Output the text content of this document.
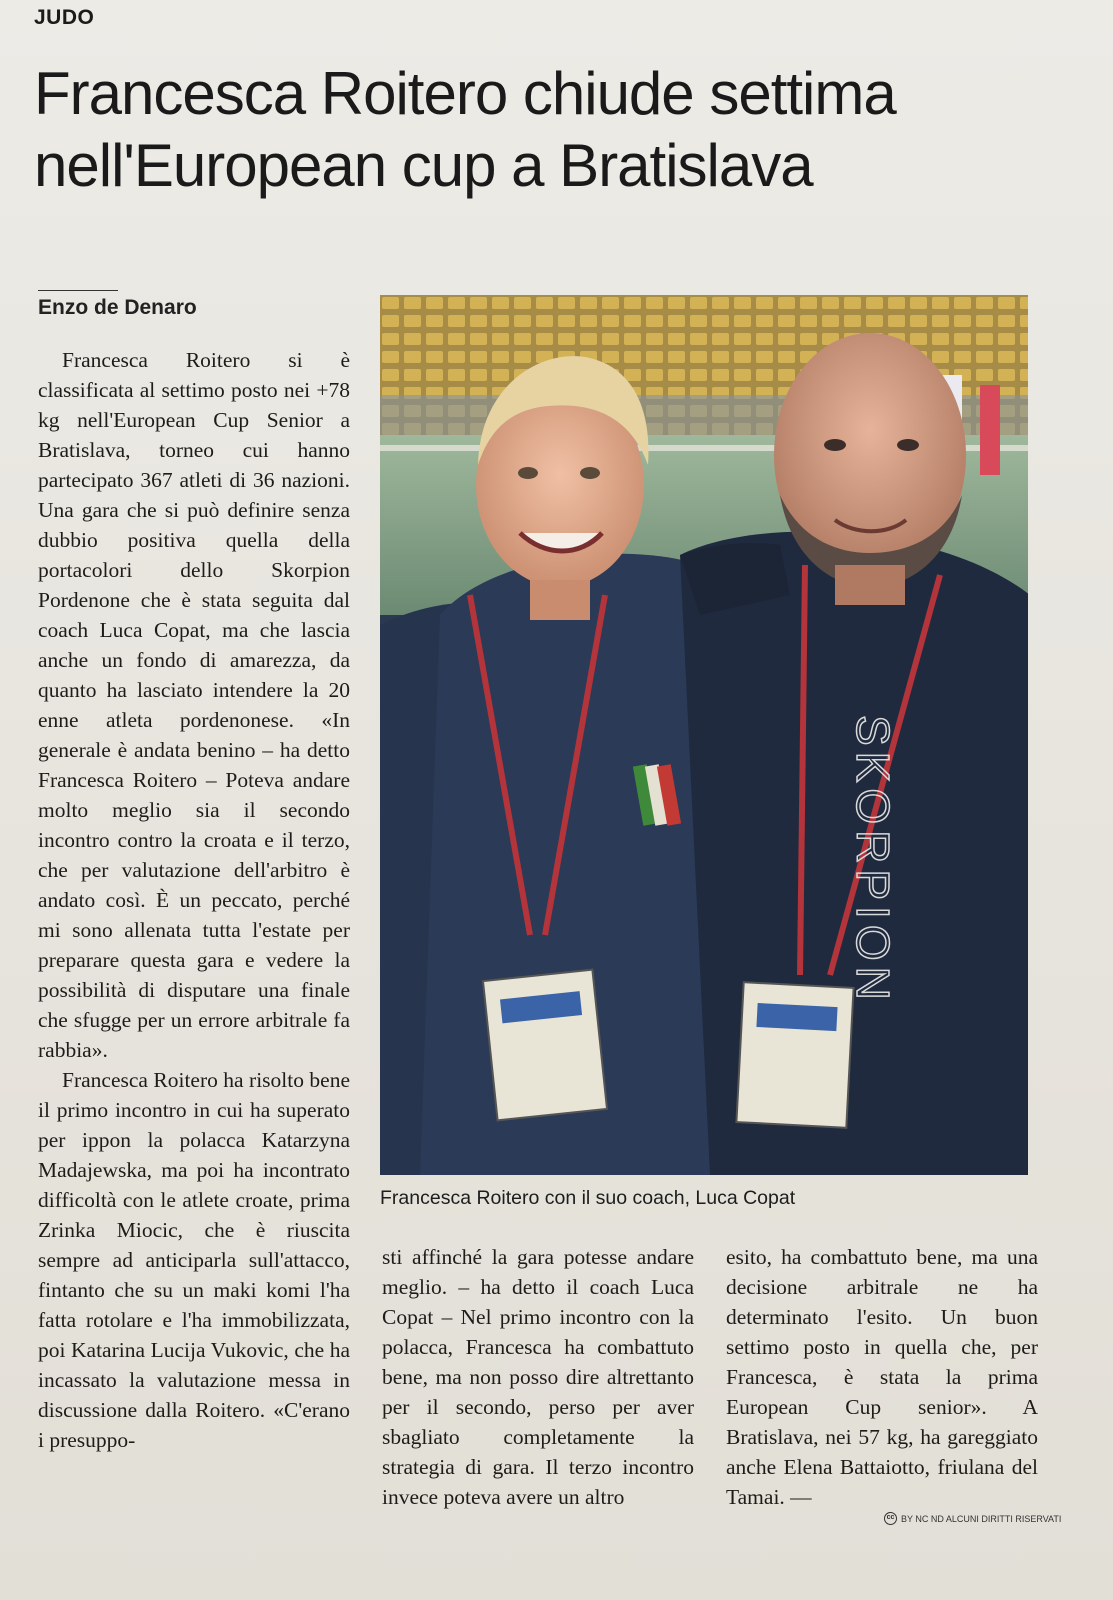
JUDO
Francesca Roitero chiude settima
nell'European cup a Bratislava
Enzo de Denaro

Francesca Roitero si è classificata al settimo posto nei +78 kg nell'European Cup Senior a Bratislava, torneo cui hanno partecipato 367 atleti di 36 nazioni. Una gara che si può definire senza dubbio positiva quella della portacolori dello Skorpion Pordenone che è stata seguita dal coach Luca Copat, ma che lascia anche un fondo di amarezza, da quanto ha lasciato intendere la 20 enne atleta pordenonese. «In generale è andata benino – ha detto Francesca Roitero – Poteva andare molto meglio sia il secondo incontro contro la croata e il terzo, che per valutazione dell'arbitro è andato così. È un peccato, perché mi sono allenata tutta l'estate per preparare questa gara e vedere la possibilità di disputare una finale che sfugge per un errore arbitrale fa rabbia».

Francesca Roitero ha risolto bene il primo incontro in cui ha superato per ippon la polacca Katarzyna Madajewska, ma poi ha incontrato difficoltà con le atlete croate, prima Zrinka Miocic, che è riuscita sempre ad anticiparla sull'attacco, fintanto che su un maki komi l'ha fatta rotolare e l'ha immobilizzata, poi Katarina Lucija Vukovic, che ha incassato la valutazione messa in discussione dalla Roitero. «C'erano i presuppo-

SKORPION
Francesca Roitero con il suo coach, Luca Copat

sti affinché la gara potesse andare meglio. – ha detto il coach Luca Copat – Nel primo incontro con la polacca, Francesca ha combattuto bene, ma non posso dire altrettanto per il secondo, perso per aver sbagliato completamente la strategia di gara. Il terzo incontro invece poteva avere un altro

esito, ha combattuto bene, ma una decisione arbitrale ne ha determinato l'esito. Un buon settimo posto in quella che, per Francesca, è stata la prima European Cup senior». A Bratislava, nei 57 kg, ha gareggiato anche Elena Battaiotto, friulana del Tamai. —

cc BY NC ND ALCUNI DIRITTI RISERVATI
